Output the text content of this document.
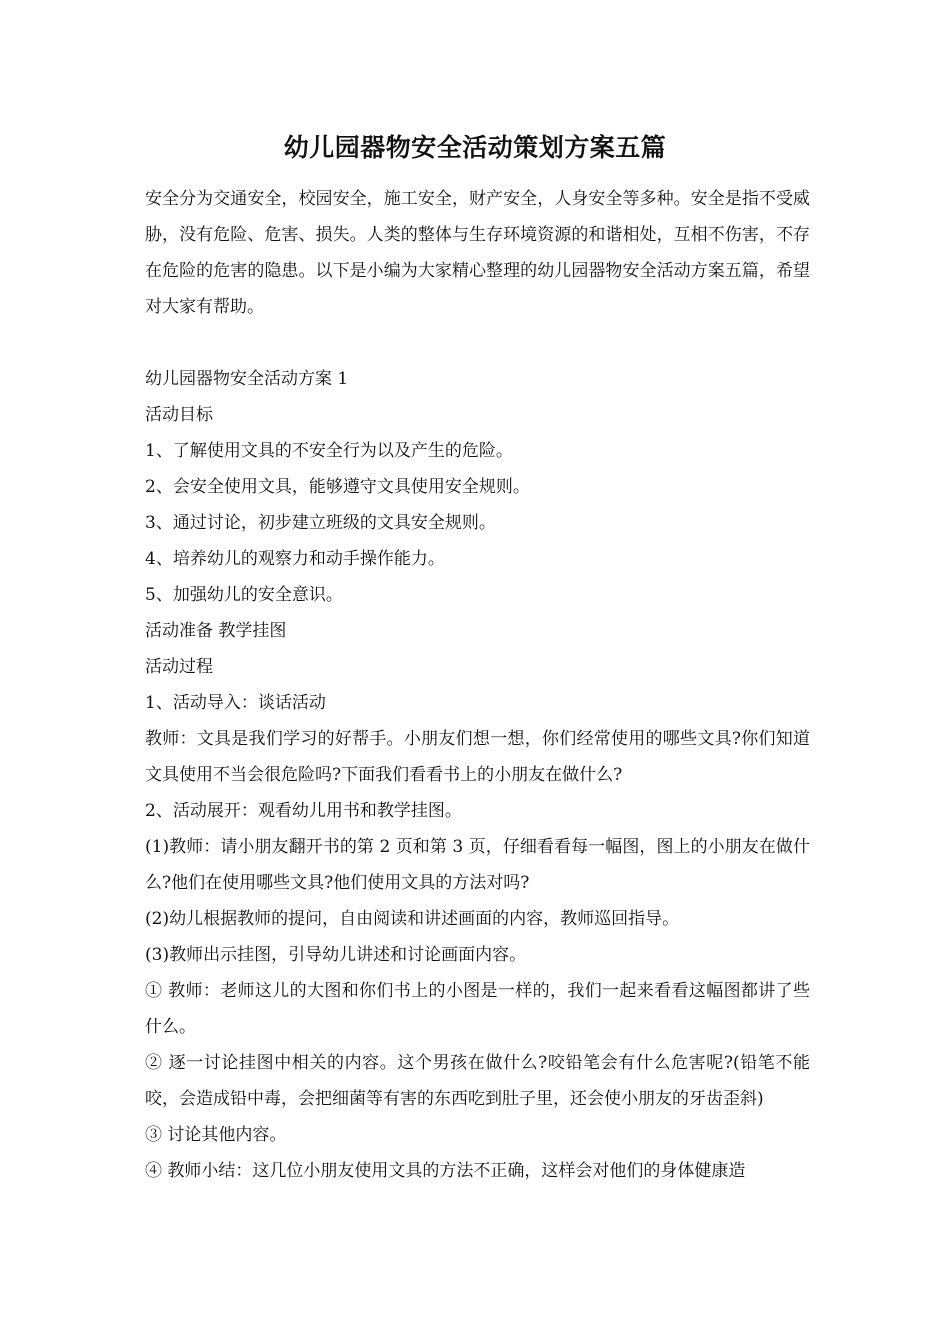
幼儿园器物安全活动策划方案五篇

安全分为交通安全，校园安全，施工安全，财产安全，人身安全等多种。安全是指不受威胁，没有危险、危害、损失。人类的整体与生存环境资源的和谐相处，互相不伤害，不存在危险的危害的隐患。以下是小编为大家精心整理的幼儿园器物安全活动方案五篇，希望对大家有帮助。

幼儿园器物安全活动方案 1

活动目标

1、了解使用文具的不安全行为以及产生的危险。

2、会安全使用文具，能够遵守文具使用安全规则。

3、通过讨论，初步建立班级的文具安全规则。

4、培养幼儿的观察力和动手操作能力。

5、加强幼儿的安全意识。

活动准备 教学挂图

活动过程

1、活动导入：谈话活动

教师：文具是我们学习的好帮手。小朋友们想一想，你们经常使用的哪些文具?你们知道文具使用不当会很危险吗?下面我们看看书上的小朋友在做什么?

2、活动展开：观看幼儿用书和教学挂图。

(1)教师：请小朋友翻开书的第 2 页和第 3 页，仔细看看每一幅图，图上的小朋友在做什么?他们在使用哪些文具?他们使用文具的方法对吗?

(2)幼儿根据教师的提问，自由阅读和讲述画面的内容，教师巡回指导。

(3)教师出示挂图，引导幼儿讲述和讨论画面内容。

① 教师：老师这儿的大图和你们书上的小图是一样的，我们一起来看看这幅图都讲了些什么。

② 逐一讨论挂图中相关的内容。这个男孩在做什么?咬铅笔会有什么危害呢?(铅笔不能咬，会造成铅中毒，会把细菌等有害的东西吃到肚子里，还会使小朋友的牙齿歪斜)

③ 讨论其他内容。

④ 教师小结：这几位小朋友使用文具的方法不正确，这样会对他们的身体健康造
